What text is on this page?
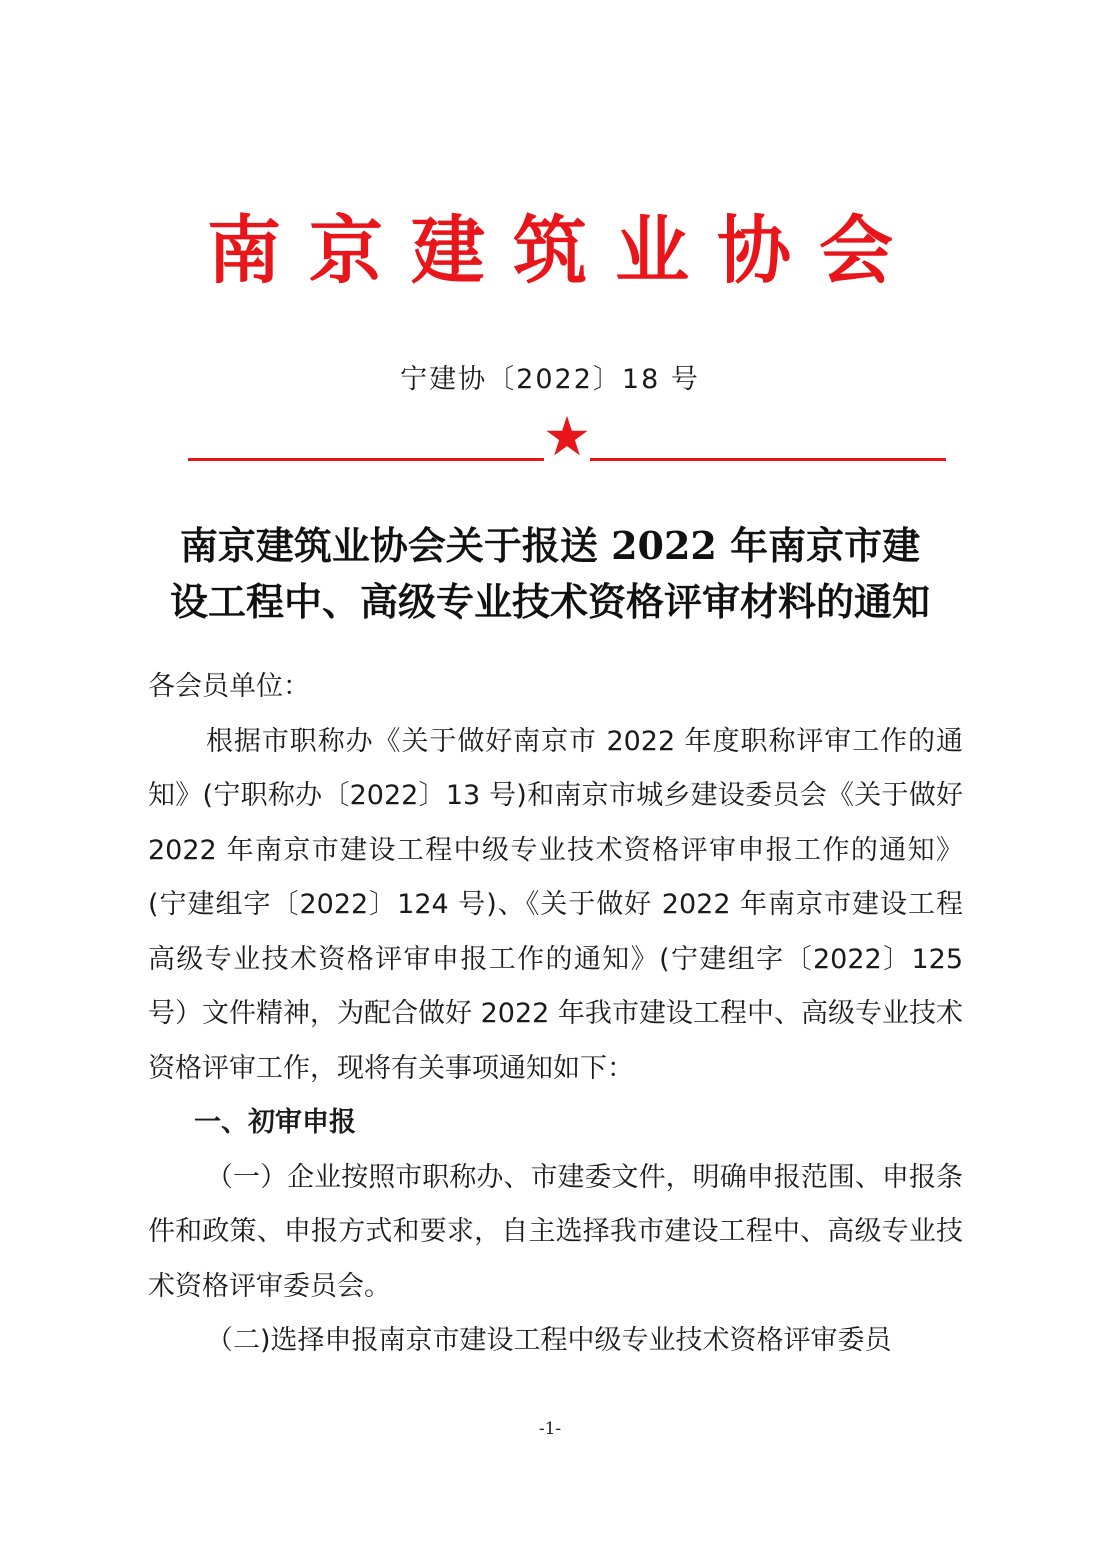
南京建筑业协会
宁建协〔2022〕18 号
南京建筑业协会关于报送 2022 年南京市建
设工程中、高级专业技术资格评审材料的通知

各会员单位：

根据市职称办《关于做好南京市 2022 年度职称评审工作的通知》(宁职称办〔2022〕13 号)和南京市城乡建设委员会《关于做好 2022 年南京市建设工程中级专业技术资格评审申报工作的通知》(宁建组字〔2022〕124 号)、《关于做好 2022 年南京市建设工程高级专业技术资格评审申报工作的通知》(宁建组字〔2022〕125 号）文件精神，为配合做好 2022 年我市建设工程中、高级专业技术资格评审工作，现将有关事项通知如下：

一、初审申报

（一）企业按照市职称办、市建委文件，明确申报范围、申报条件和政策、申报方式和要求，自主选择我市建设工程中、高级专业技术资格评审委员会。

（二)选择申报南京市建设工程中级专业技术资格评审委员

-1-
